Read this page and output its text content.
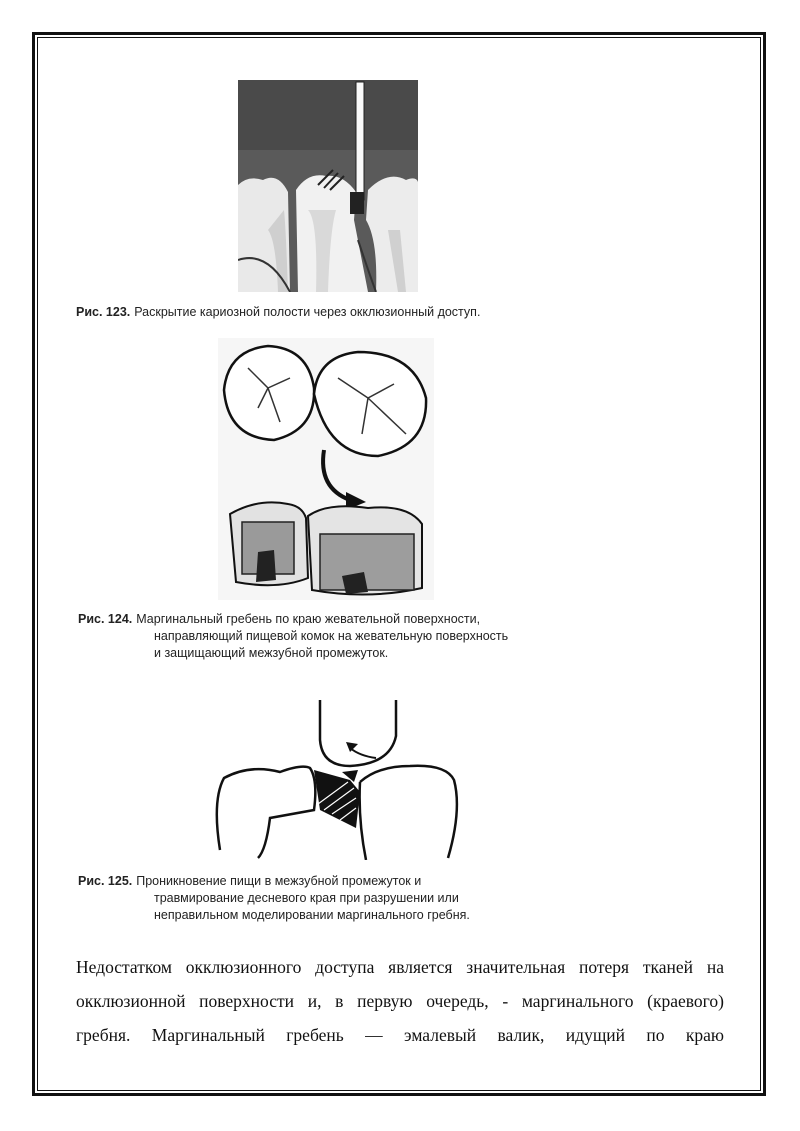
Рис. 123. Раскрытие кариозной полости через окклюзионный доступ.
Рис. 124. Маргинальный гребень по краю жевательной поверхности,
направляющий пищевой комок на жевательную поверхность
и защищающий межзубной промежуток.
Рис. 125. Проникновение пищи в межзубной промежуток и
травмирование десневого края при разрушении или
неправильном моделировании маргинального гребня.
Недостатком окклюзионного доступа является значительная потеря тканей на
окклюзионной поверхности и, в первую очередь, - маргинального (краевого)
гребня. Маргинальный гребень — эмалевый валик, идущий по краю
